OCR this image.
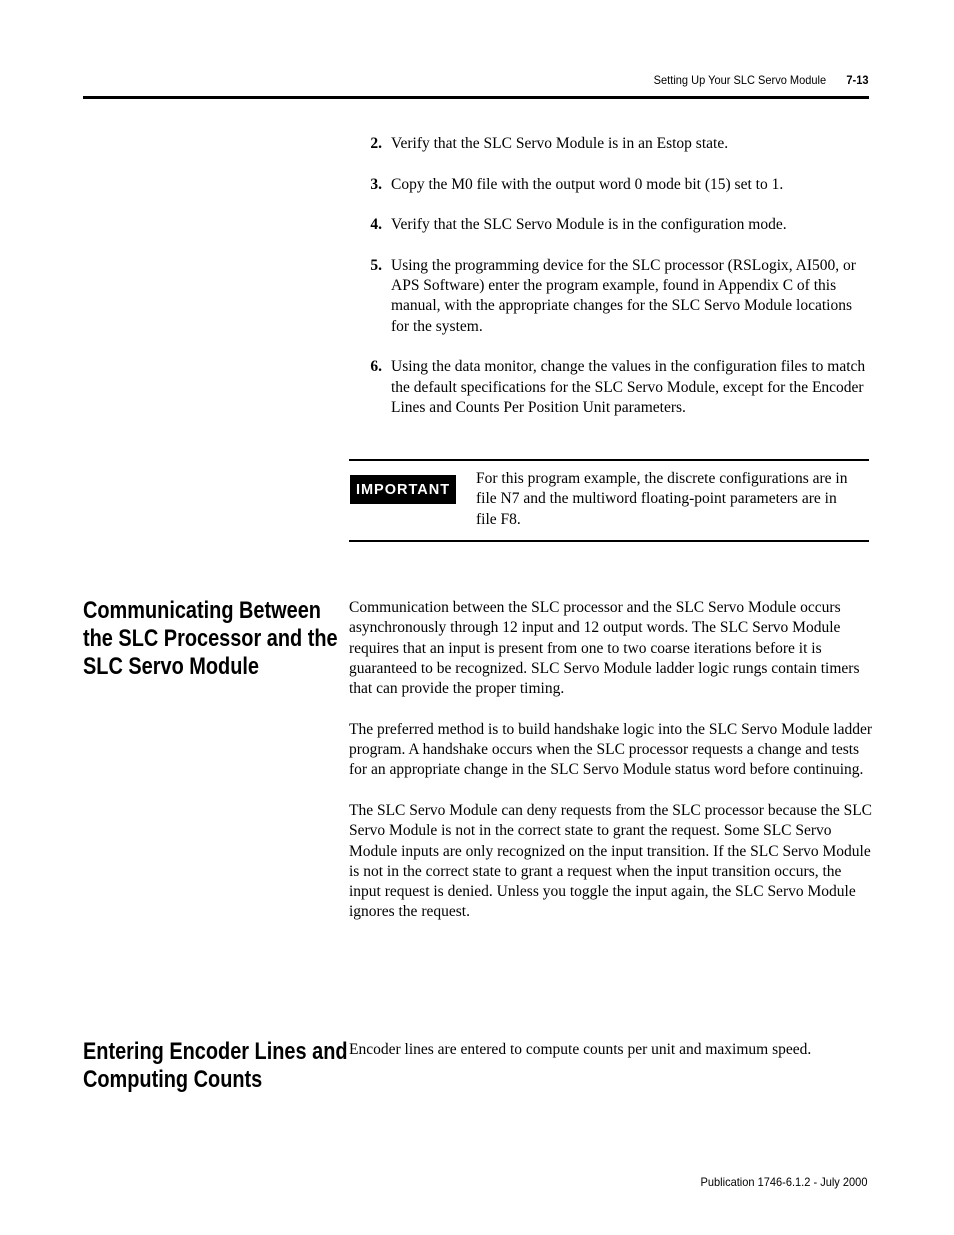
Setting Up Your SLC Servo Module 7-13
2. Verify that the SLC Servo Module is in an Estop state.
3. Copy the M0 file with the output word 0 mode bit (15) set to 1.
4. Verify that the SLC Servo Module is in the configuration mode.
5. Using the programming device for the SLC processor (RSLogix, AI500, or APS Software) enter the program example, found in Appendix C of this manual, with the appropriate changes for the SLC Servo Module locations for the system.
6. Using the data monitor, change the values in the configuration files to match the default specifications for the SLC Servo Module, except for the Encoder Lines and Counts Per Position Unit parameters.
IMPORTANT
For this program example, the discrete configurations are in file N7 and the multiword floating-point parameters are in file F8.
Communicating Between
the SLC Processor and the
SLC Servo Module

Communication between the SLC processor and the SLC Servo Module occurs asynchronously through 12 input and 12 output words. The SLC Servo Module requires that an input is present from one to two coarse iterations before it is guaranteed to be recognized. SLC Servo Module ladder logic rungs contain timers that can provide the proper timing.

The preferred method is to build handshake logic into the SLC Servo Module ladder program. A handshake occurs when the SLC processor requests a change and tests for an appropriate change in the SLC Servo Module status word before continuing.

The SLC Servo Module can deny requests from the SLC processor because the SLC Servo Module is not in the correct state to grant the request. Some SLC Servo Module inputs are only recognized on the input transition. If the SLC Servo Module is not in the correct state to grant a request when the input transition occurs, the input request is denied. Unless you toggle the input again, the SLC Servo Module ignores the request.

Entering Encoder Lines and
Computing Counts

Encoder lines are entered to compute counts per unit and maximum speed.

Publication 1746-6.1.2 - July 2000
